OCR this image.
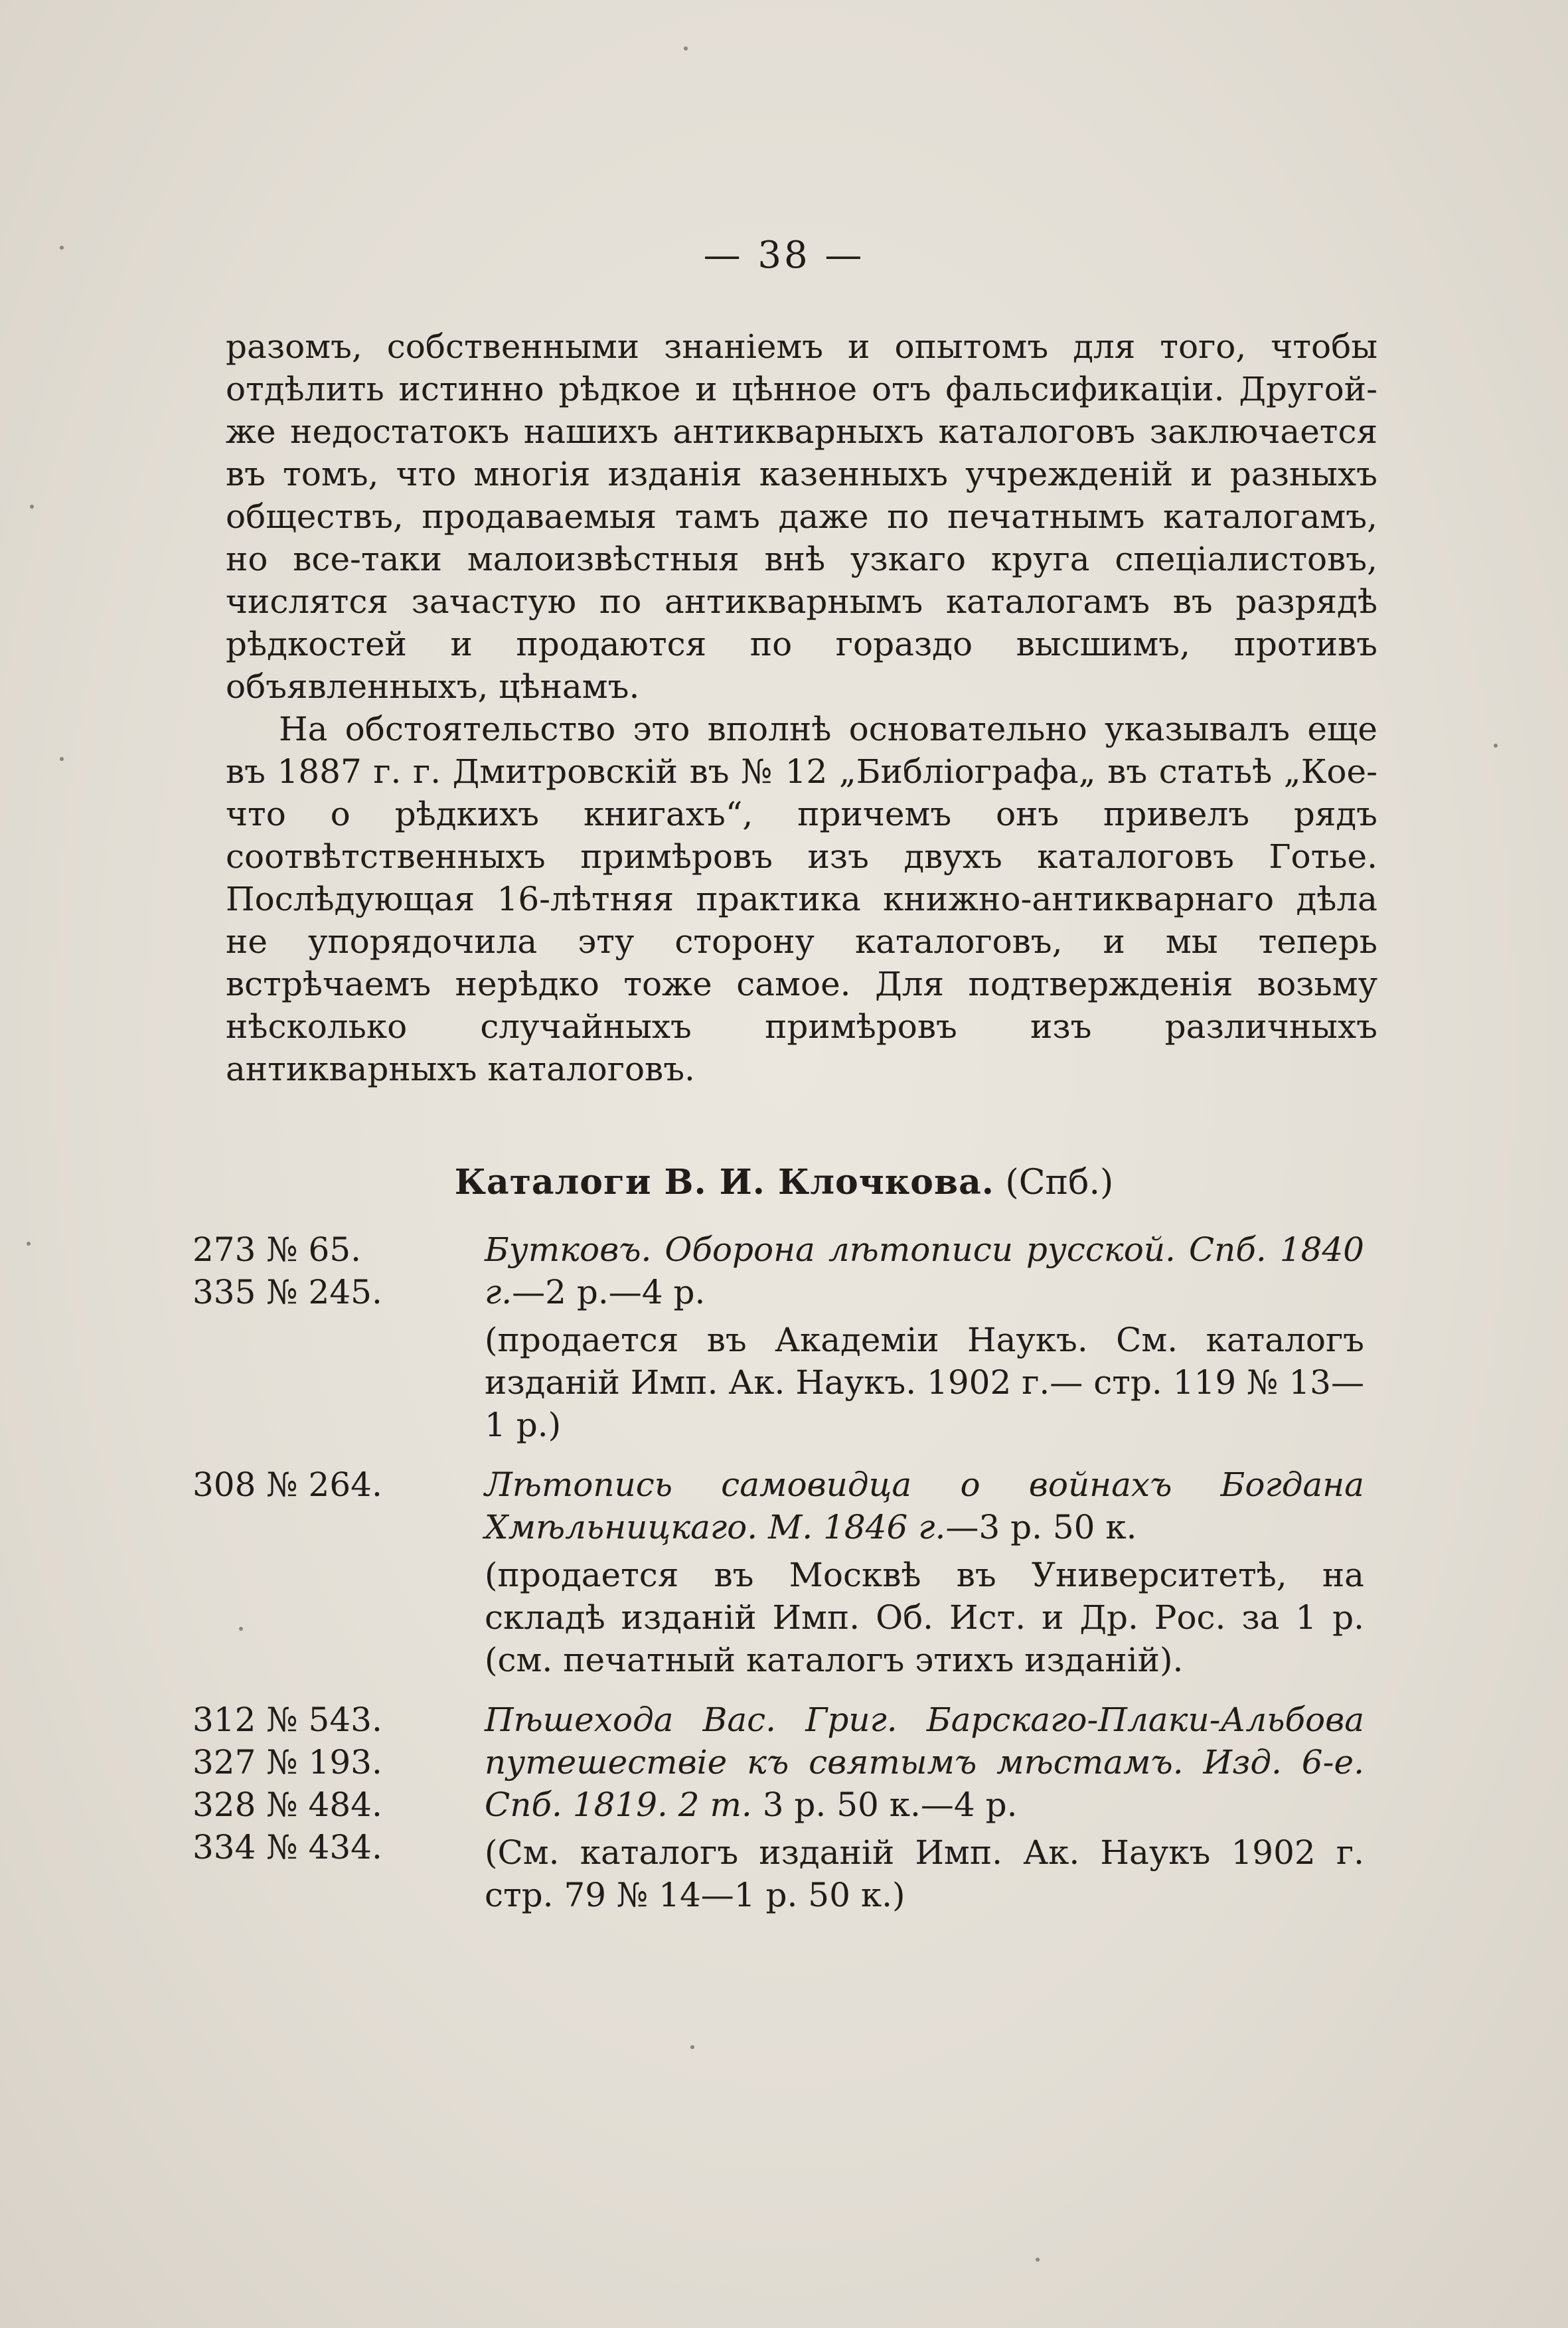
— 38 —

разомъ, собственными знаніемъ и опытомъ для того, чтобы отдѣлить истинно рѣдкое и цѣнное отъ фальсификаціи. Другой-же недостатокъ нашихъ антикварныхъ каталоговъ заключается въ томъ, что многія изданія казенныхъ учрежденій и разныхъ обществъ, продаваемыя тамъ даже по печатнымъ каталогамъ, но все-таки малоизвѣстныя внѣ узкаго круга спеціалистовъ, числятся зачастую по антикварнымъ каталогамъ въ разрядѣ рѣдкостей и продаются по гораздо высшимъ, противъ объявленныхъ, цѣнамъ.

На обстоятельство это вполнѣ основательно указывалъ еще въ 1887 г. г. Дмитровскій въ № 12 „Библіографа„ въ статьѣ „Кое-что о рѣдкихъ книгахъ“, причемъ онъ привелъ рядъ соотвѣтственныхъ примѣровъ изъ двухъ каталоговъ Готье. Послѣдующая 16-лѣтняя практика книжно-антикварнаго дѣла не упорядочила эту сторону каталоговъ, и мы теперь встрѣчаемъ нерѣдко тоже самое. Для подтвержденія возьму нѣсколько случайныхъ примѣровъ изъ различныхъ антикварныхъ каталоговъ.

Каталоги В. И. Клочкова. (Спб.)
273 № 65.
335 № 245.
Бутковъ. Оборона лѣтописи русской. Спб. 1840 г.—2 р.—4 р.
(продается въ Академіи Наукъ. См. каталогъ изданій Имп. Ак. Наукъ. 1902 г.— стр. 119 № 13—1 р.)
308 № 264.	Лѣтопись самовидца о войнахъ Богдана Хмѣльницкаго. М. 1846 г.—3 р. 50 к.
(продается въ Москвѣ въ Университетѣ, на складѣ изданій Имп. Об. Ист. и Др. Рос. за 1 р. (см. печатный каталогъ этихъ изданій).
312 № 543.
327 № 193.
328 № 484.
334 № 434.
Пѣшехода Вас. Григ. Барскаго-Плаки-Альбова путешествіе къ святымъ мѣстамъ. Изд. 6-е. Спб. 1819. 2 т. 3 р. 50 к.—4 р.
(См. каталогъ изданій Имп. Ак. Наукъ 1902 г. стр. 79 № 14—1 р. 50 к.)
